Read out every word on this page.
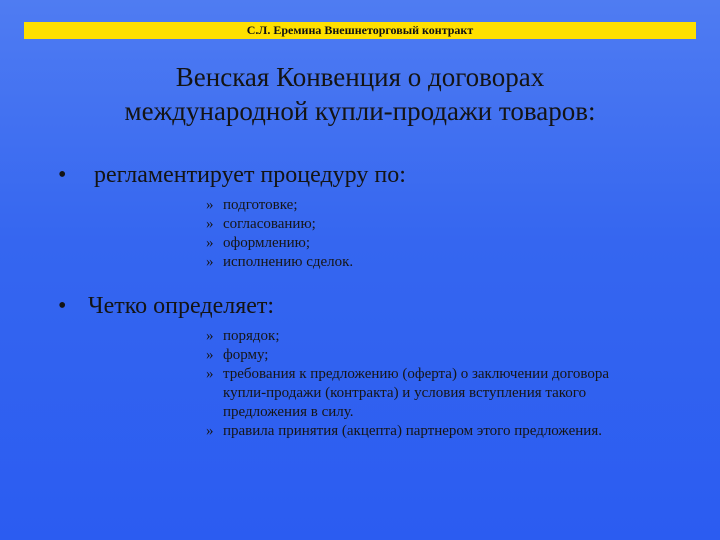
С.Л. Еремина Внешнеторговый контракт
Венская Конвенция о договорах
международной купли-продажи товаров:
•	регламентирует процедуру по:
» подготовке;
» согласованию;
» оформлению;
» исполнению сделок.
• Четко определяет:
» порядок;
» форму;
» требования к предложению (оферта) о заключении договора купли-продажи (контракта) и условия вступления такого предложения в силу.
» правила принятия (акцепта) партнером этого предложения.
